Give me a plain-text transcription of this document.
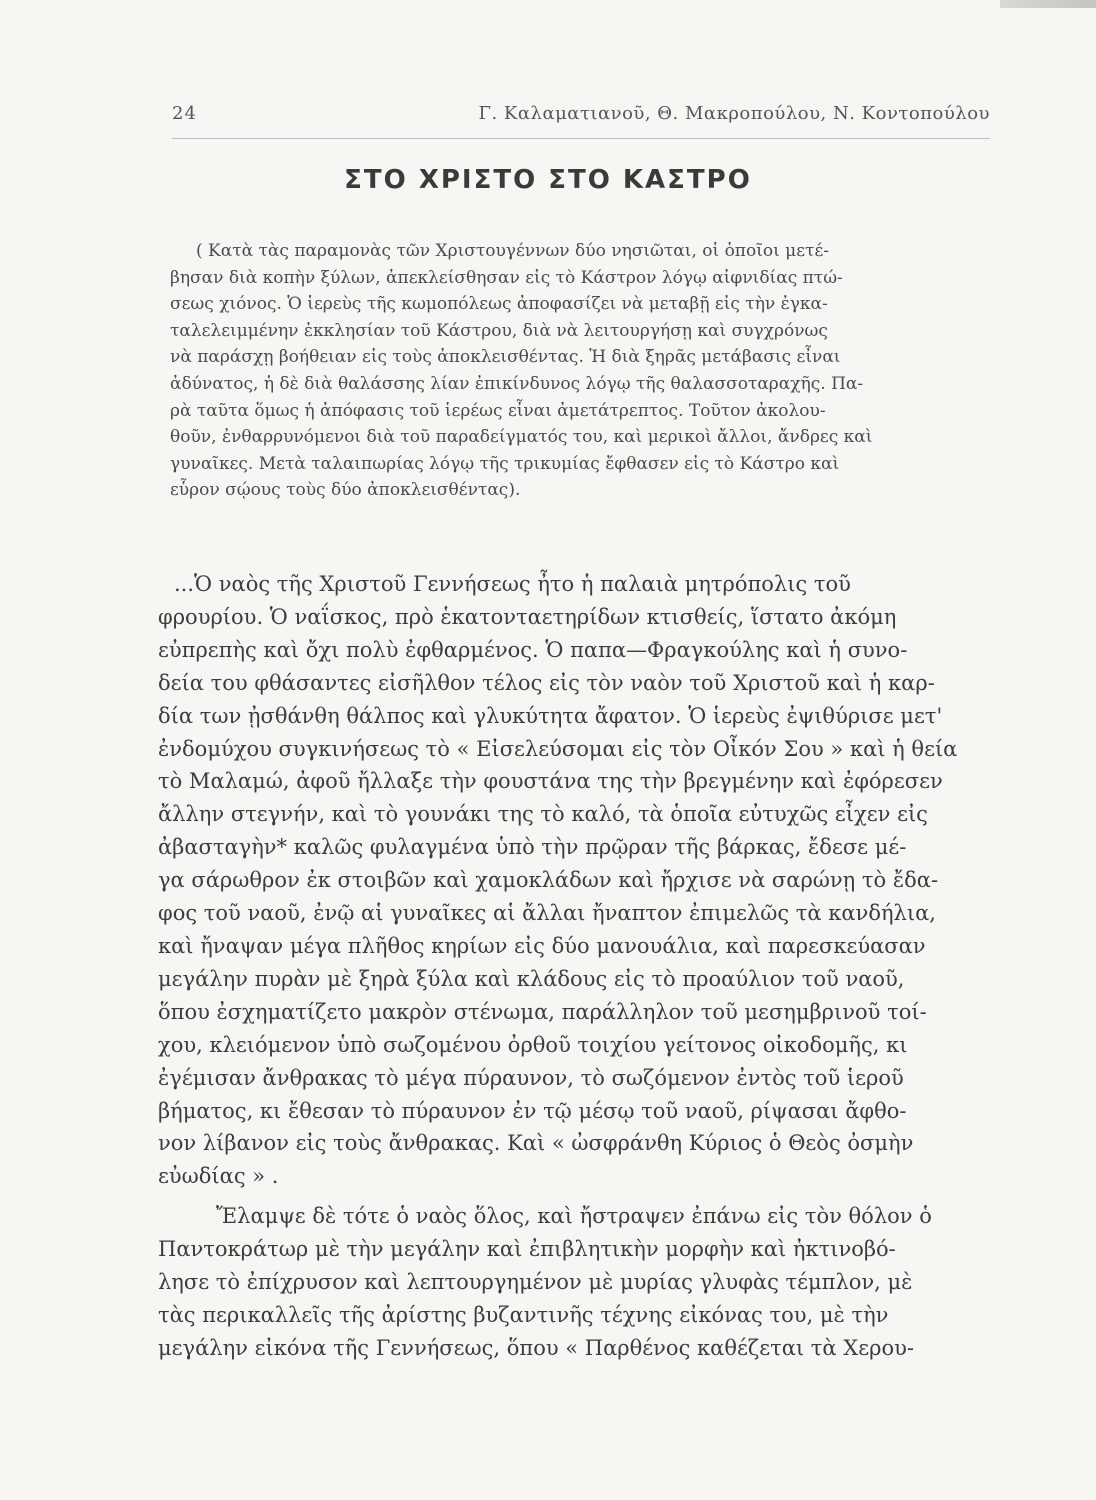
24	Γ. Καλαματιανοῦ, Θ. Μακροπούλου, Ν. Κοντοπούλου
ΣΤΟ ΧΡΙΣΤΟ ΣΤΟ ΚΑΣΤΡΟ
( Κατὰ τὰς παραμονὰς τῶν Χριστουγέννων δύο νησιῶται, οἱ ὁποῖοι μετέ-
βησαν διὰ κοπὴν ξύλων, ἀπεκλείσθησαν εἰς τὸ Κάστρον λόγῳ αἰφνιδίας πτώ-
σεως χιόνος. Ὁ ἱερεὺς τῆς κωμοπόλεως ἀποφασίζει νὰ μεταβῇ εἰς τὴν ἐγκα-
ταλελειμμένην ἐκκλησίαν τοῦ Κάστρου, διὰ νὰ λειτουργήσῃ καὶ συγχρόνως
νὰ παράσχῃ βοήθειαν εἰς τοὺς ἀποκλεισθέντας. Ἡ διὰ ξηρᾶς μετάβασις εἶναι
ἀδύνατος, ἡ δὲ διὰ θαλάσσης λίαν ἐπικίνδυνος λόγῳ τῆς θαλασσοταραχῆς. Πα-
ρὰ ταῦτα ὅμως ἡ ἀπόφασις τοῦ ἱερέως εἶναι ἀμετάτρεπτος. Τοῦτον ἀκολου-
θοῦν, ἐνθαρρυνόμενοι διὰ τοῦ παραδείγματός του, καὶ μερικοὶ ἄλλοι, ἄνδρες καὶ
γυναῖκες. Μετὰ ταλαιπωρίας λόγῳ τῆς τρικυμίας ἔφθασεν εἰς τὸ Κάστρο καὶ
εὗρον σῴους τοὺς δύο ἀποκλεισθέντας).
...Ὁ ναὸς τῆς Χριστοῦ Γεννήσεως ἦτο ἡ παλαιὰ μητρόπολις τοῦ
φρουρίου. Ὁ ναΐσκος, πρὸ ἑκατονταετηρίδων κτισθείς, ἵστατο ἀκόμη
εὐπρεπὴς καὶ ὄχι πολὺ ἐφθαρμένος. Ὁ παπα—Φραγκούλης καὶ ἡ συνο-
δεία του φθάσαντες εἰσῆλθον τέλος εἰς τὸν ναὸν τοῦ Χριστοῦ καὶ ἡ καρ-
δία των ᾐσθάνθη θάλπος καὶ γλυκύτητα ἄφατον. Ὁ ἱερεὺς ἐψιθύρισε μετ'
ἐνδομύχου συγκινήσεως τὸ « Εἰσελεύσομαι εἰς τὸν Οἶκόν Σου » καὶ ἡ θεία
τὸ Μαλαμώ, ἀφοῦ ἤλλαξε τὴν φουστάνα της τὴν βρεγμένην καὶ ἐφόρεσεν
ἄλλην στεγνήν, καὶ τὸ γουνάκι της τὸ καλό, τὰ ὁποῖα εὐτυχῶς εἶχεν εἰς
ἀβασταγὴν* καλῶς φυλαγμένα ὑπὸ τὴν πρῷραν τῆς βάρκας, ἔδεσε μέ-
γα σάρωθρον ἐκ στοιβῶν καὶ χαμοκλάδων καὶ ἤρχισε νὰ σαρώνῃ τὸ ἔδα-
φος τοῦ ναοῦ, ἐνῷ αἱ γυναῖκες αἱ ἄλλαι ἤναπτον ἐπιμελῶς τὰ κανδήλια,
καὶ ἤναψαν μέγα πλῆθος κηρίων εἰς δύο μανουάλια, καὶ παρεσκεύασαν
μεγάλην πυρὰν μὲ ξηρὰ ξύλα καὶ κλάδους εἰς τὸ προαύλιον τοῦ ναοῦ,
ὅπου ἐσχηματίζετο μακρὸν στένωμα, παράλληλον τοῦ μεσημβρινοῦ τοί-
χου, κλειόμενον ὑπὸ σωζομένου ὀρθοῦ τοιχίου γείτονος οἰκοδομῆς, κι
ἐγέμισαν ἄνθρακας τὸ μέγα πύραυνον, τὸ σωζόμενον ἐντὸς τοῦ ἱεροῦ
βήματος, κι ἔθεσαν τὸ πύραυνον ἐν τῷ μέσῳ τοῦ ναοῦ, ρίψασαι ἄφθο-
νον λίβανον εἰς τοὺς ἄνθρακας. Καὶ « ὠσφράνθη Κύριος ὁ Θεὸς ὀσμὴν
εὐωδίας » .
Ἔλαμψε δὲ τότε ὁ ναὸς ὅλος, καὶ ἤστραψεν ἐπάνω εἰς τὸν θόλον ὁ
Παντοκράτωρ μὲ τὴν μεγάλην καὶ ἐπιβλητικὴν μορφὴν καὶ ἠκτινοβό-
λησε τὸ ἐπίχρυσον καὶ λεπτουργημένον μὲ μυρίας γλυφὰς τέμπλον, μὲ
τὰς περικαλλεῖς τῆς ἀρίστης βυζαντινῆς τέχνης εἰκόνας του, μὲ τὴν
μεγάλην εἰκόνα τῆς Γεννήσεως, ὅπου « Παρθένος καθέζεται τὰ Χερου-
